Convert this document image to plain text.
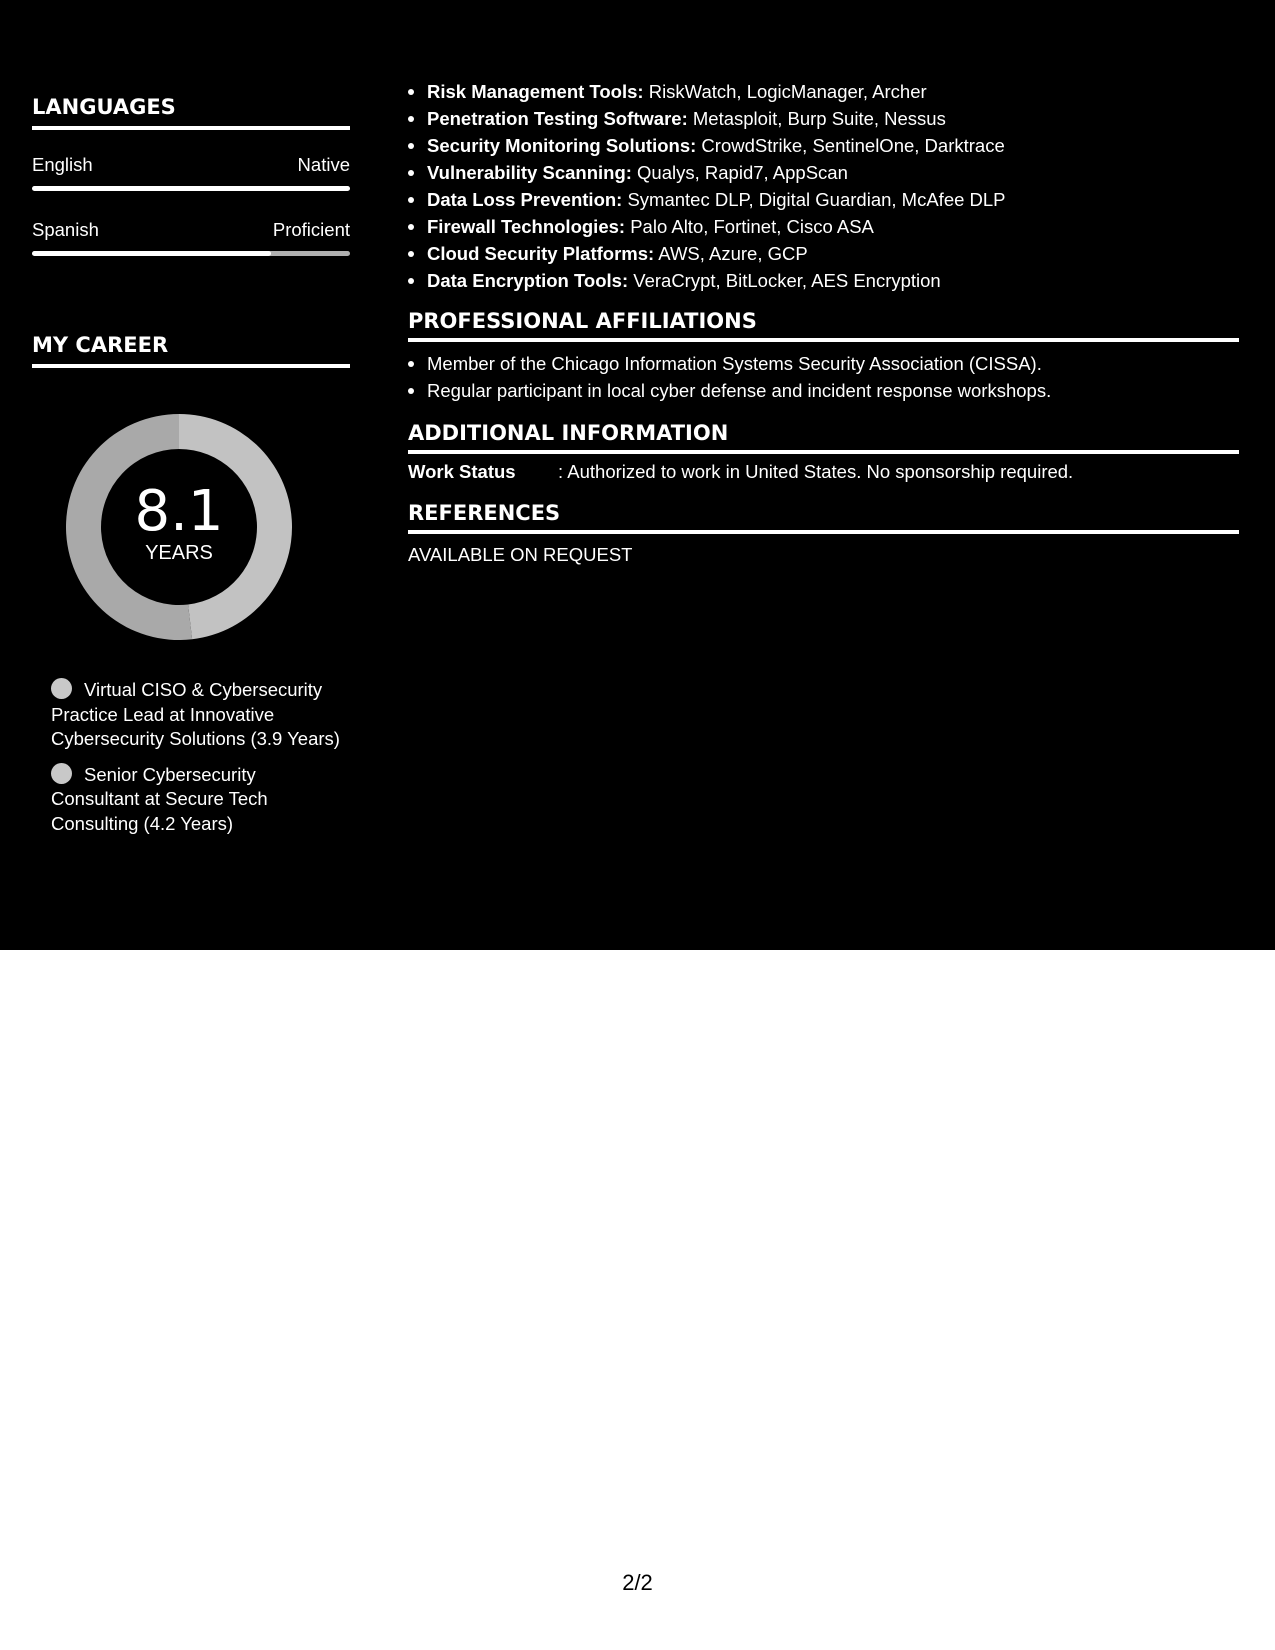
LANGUAGES
English	Native
Spanish	Proficient
MY CAREER
8.1
YEARS
Virtual CISO & Cybersecurity Practice Lead at Innovative Cybersecurity Solutions (3.9 Years)
Senior Cybersecurity Consultant at Secure Tech Consulting (4.2 Years)
Risk Management Tools: RiskWatch, LogicManager, Archer
Penetration Testing Software: Metasploit, Burp Suite, Nessus
Security Monitoring Solutions: CrowdStrike, SentinelOne, Darktrace
Vulnerability Scanning: Qualys, Rapid7, AppScan
Data Loss Prevention: Symantec DLP, Digital Guardian, McAfee DLP
Firewall Technologies: Palo Alto, Fortinet, Cisco ASA
Cloud Security Platforms: AWS, Azure, GCP
Data Encryption Tools: VeraCrypt, BitLocker, AES Encryption
PROFESSIONAL AFFILIATIONS
Member of the Chicago Information Systems Security Association (CISSA).
Regular participant in local cyber defense and incident response workshops.
ADDITIONAL INFORMATION
Work Status	: Authorized to work in United States. No sponsorship required.
REFERENCES
AVAILABLE ON REQUEST
2/2
